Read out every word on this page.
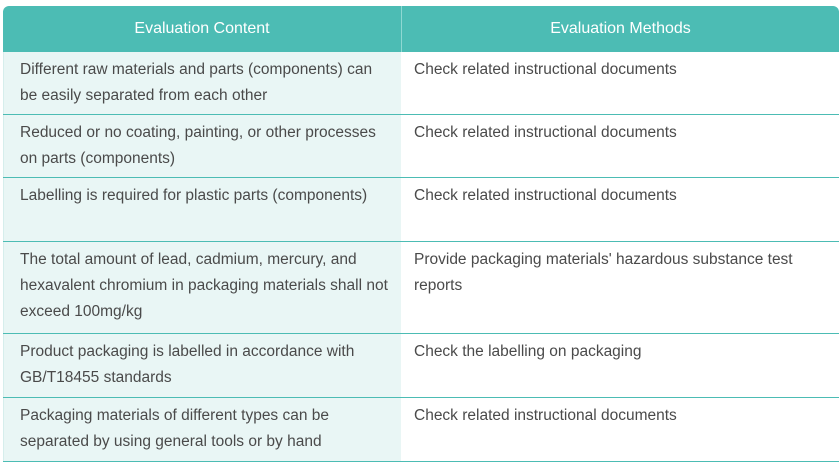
Evaluation Content	Evaluation Methods
Different raw materials and parts (components) can be easily separated from each other
Check related instructional documents
Reduced or no coating, painting, or other processes on parts (components)
Check related instructional documents
Labelling is required for plastic parts (components)	Check related instructional documents
The total amount of lead, cadmium, mercury, and hexavalent chromium in packaging materials shall not exceed 100mg/kg
Provide packaging materials' hazardous substance test reports
Product packaging is labelled in accordance with GB/T18455 standards
Check the labelling on packaging
Packaging materials of different types can be separated by using general tools or by hand
Check related instructional documents
